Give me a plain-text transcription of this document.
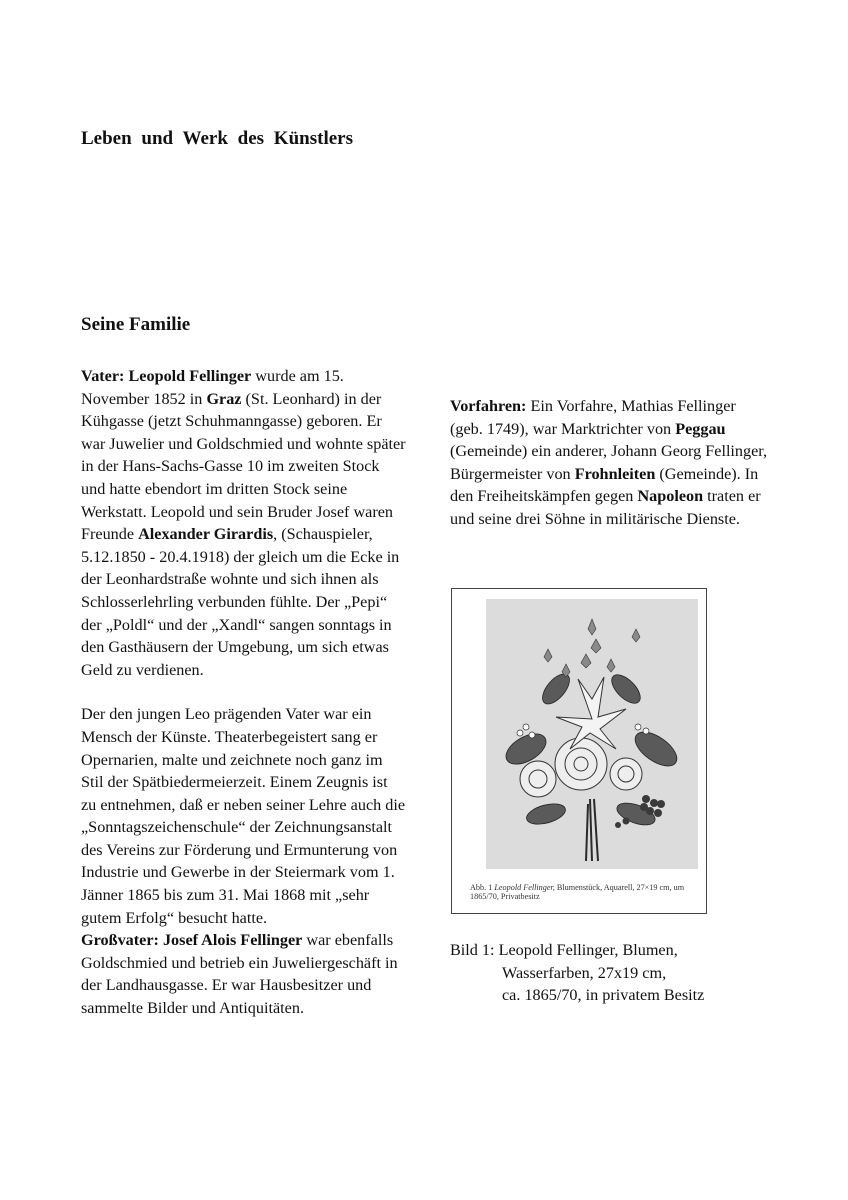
Leben und Werk des Künstlers
Seine Familie

Vater: Leopold Fellinger wurde am 15. November 1852 in Graz (St. Leonhard) in der Kühgasse (jetzt Schuhmanngasse) geboren. Er war Juwelier und Goldschmied und wohnte später in der Hans-Sachs-Gasse 10 im zweiten Stock und hatte ebendort im dritten Stock seine Werkstatt. Leopold und sein Bruder Josef waren Freunde Alexander Girardis, (Schauspieler, 5.12.1850 - 20.4.1918) der gleich um die Ecke in der Leonhardstraße wohnte und sich ihnen als Schlosserlehrling verbunden fühlte. Der „Pepi“ der „Poldl“ und der „Xandl“ sangen sonntags in den Gasthäusern der Umgebung, um sich etwas Geld zu verdienen.

Der den jungen Leo prägenden Vater war ein Mensch der Künste. Theaterbegeistert sang er Opernarien, malte und zeichnete noch ganz im Stil der Spätbiedermeierzeit. Einem Zeugnis ist zu entnehmen, daß er neben seiner Lehre auch die „Sonntagszeichenschule“ der Zeichnungsanstalt des Vereins zur Förderung und Ermunterung von Industrie und Gewerbe in der Steiermark vom 1. Jänner 1865 bis zum 31. Mai 1868 mit „sehr gutem Erfolg“ besucht hatte.

Großvater: Josef Alois Fellinger war ebenfalls Goldschmied und betrieb ein Juweliergeschäft in der Landhausgasse. Er war Hausbesitzer und sammelte Bilder und Antiquitäten.

Vorfahren: Ein Vorfahre, Mathias Fellinger (geb. 1749), war Marktrichter von Peggau (Gemeinde) ein anderer, Johann Georg Fellinger, Bürgermeister von Frohnleiten (Gemeinde). In den Freiheitskämpfen gegen Napoleon traten er und seine drei Söhne in militärische Dienste.

Abb. 1 Leopold Fellinger, Blumenstück, Aquarell, 27×19 cm, um 1865/70, Privatbesitz
Bild 1: Leopold Fellinger, Blumen,
Wasserfarben, 27x19 cm,
ca. 1865/70, in privatem Besitz
